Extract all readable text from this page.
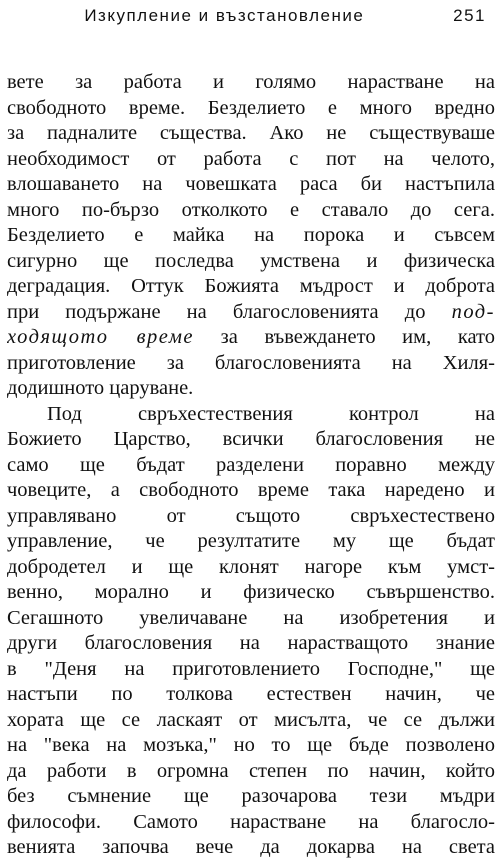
Изкупление и възстановление	251
вете за работа и голямо нарастване на
свободното време. Безделието е много вредно
за падналите същества. Ако не съществуваше
необходимост от работа с пот на челото,
влошаването на човешката раса би настъпила
много по-бързо отколкото е ставало до сега.
Безделието е майка на порока и съвсем
сигурно ще последва умствена и физическа
деградация. Оттук Божията мъдрост и доброта
при подържане на благословенията до под-
ходящото време за въвеждането им, като
приготовление за благословенията на Хиля-
додишното царуване.
Под свръхестествения контрол на
Божието Царство, всички благословения не
само ще бъдат разделени поравно между
човеците, а свободното време така наредено и
управлявано от същото свръхестествено
управление, че резултатите му ще бъдат
добродетел и ще клонят нагоре към умст-
венно, морално и физическо съвършенство.
Сегашното увеличаване на изобретения и
други благословения на нарастващото знание
в "Деня на приготовлението Господне," ще
настъпи по толкова естествен начин, че
хората ще се ласкаят от мисълта, че се дължи
на "века на мозъка," но то ще бъде позволено
да работи в огромна степен по начин, който
без съмнение ще разочарова тези мъдри
философи. Самото нарастване на благосло-
венията започва вече да докарва на света
